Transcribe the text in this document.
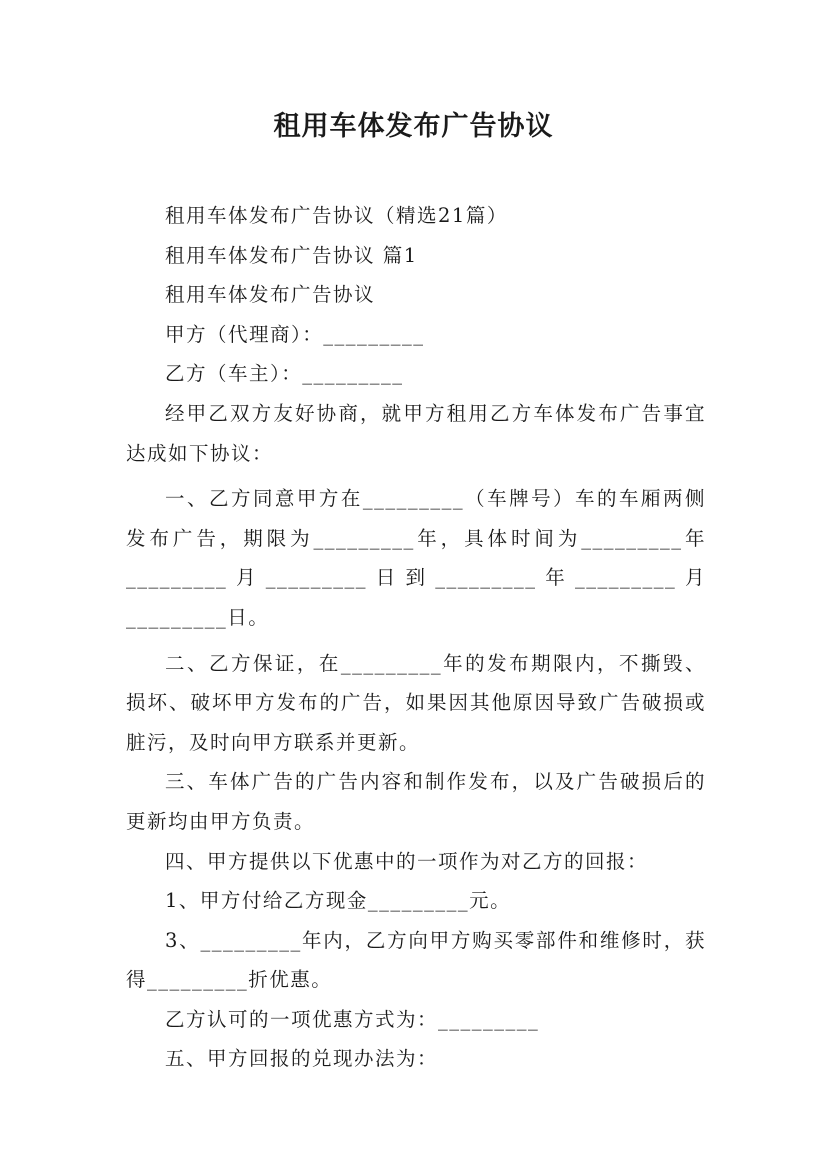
租用车体发布广告协议

租用车体发布广告协议（精选21篇）

租用车体发布广告协议 篇1

租用车体发布广告协议

甲方（代理商）：_________

乙方（车主）：_________

经甲乙双方友好协商，就甲方租用乙方车体发布广告事宜达成如下协议：

一、乙方同意甲方在_________（车牌号）车的车厢两侧发布广告，期限为_________年，具体时间为_________年_________月_________日到_________年_________月_________日。

二、乙方保证，在_________年的发布期限内，不撕毁、损坏、破坏甲方发布的广告，如果因其他原因导致广告破损或脏污，及时向甲方联系并更新。

三、车体广告的广告内容和制作发布，以及广告破损后的更新均由甲方负责。

四、甲方提供以下优惠中的一项作为对乙方的回报：

1、甲方付给乙方现金_________元。

3、_________年内，乙方向甲方购买零部件和维修时，获得_________折优惠。

乙方认可的一项优惠方式为：_________

五、甲方回报的兑现办法为：
